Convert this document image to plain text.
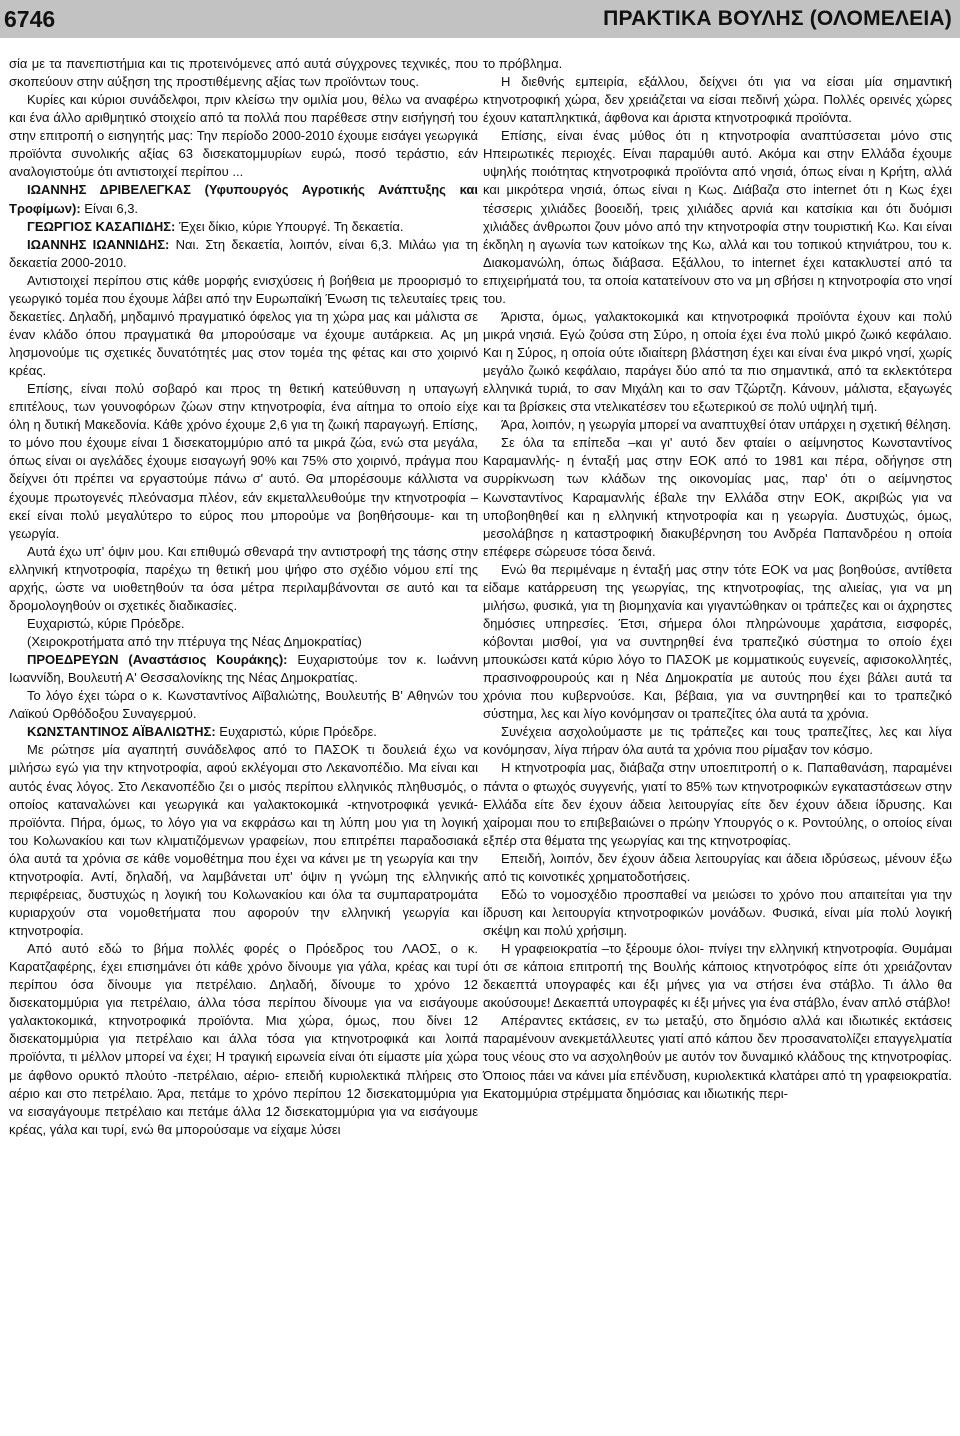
6746	ΠΡΑΚΤΙΚΑ ΒΟΥΛΗΣ (ΟΛΟΜΕΛΕΙΑ)

σία με τα πανεπιστήμια και τις προτεινόμενες από αυτά σύγχρονες τεχνικές, που σκοπεύουν στην αύξηση της προστιθέμενης αξίας των προϊόντων τους.

Κυρίες και κύριοι συνάδελφοι, πριν κλείσω την ομιλία μου, θέλω να αναφέρω και ένα άλλο αριθμητικό στοιχείο από τα πολλά που παρέθεσε στην εισήγησή του στην επιτροπή ο εισηγητής μας: Την περίοδο 2000-2010 έχουμε εισάγει γεωργικά προϊόντα συνολικής αξίας 63 δισεκατομμυρίων ευρώ, ποσό τεράστιο, εάν αναλογιστούμε ότι αντιστοιχεί περίπου ...

ΙΩΑΝΝΗΣ ΔΡΙΒΕΛΕΓΚΑΣ (Υφυπουργός Αγροτικής Ανάπτυξης και Τροφίμων): Είναι 6,3.

ΓΕΩΡΓΙΟΣ ΚΑΣΑΠΙΔΗΣ: Έχει δίκιο, κύριε Υπουργέ. Τη δεκαετία.

ΙΩΑΝΝΗΣ ΙΩΑΝΝΙΔΗΣ: Ναι. Στη δεκαετία, λοιπόν, είναι 6,3. Μιλάω για τη δεκαετία 2000-2010.

Αντιστοιχεί περίπου στις κάθε μορφής ενισχύσεις ή βοήθεια με προορισμό το γεωργικό τομέα που έχουμε λάβει από την Ευρωπαϊκή Ένωση τις τελευταίες τρεις δεκαετίες. Δηλαδή, μηδαμινό πραγματικό όφελος για τη χώρα μας και μάλιστα σε έναν κλάδο όπου πραγματικά θα μπορούσαμε να έχουμε αυτάρκεια. Ας μη λησμονούμε τις σχετικές δυνατότητές μας στον τομέα της φέτας και στο χοιρινό κρέας.

Επίσης, είναι πολύ σοβαρό και προς τη θετική κατεύθυνση η υπαγωγή επιτέλους, των γουνοφόρων ζώων στην κτηνοτροφία, ένα αίτημα το οποίο είχε όλη η δυτική Μακεδονία. Κάθε χρόνο έχουμε 2,6 για τη ζωική παραγωγή. Επίσης, το μόνο που έχουμε είναι 1 δισεκατομμύριο από τα μικρά ζώα, ενώ στα μεγάλα, όπως είναι οι αγελάδες έχουμε εισαγωγή 90% και 75% στο χοιρινό, πράγμα που δείχνει ότι πρέπει να εργαστούμε πάνω σ' αυτό. Θα μπορέσουμε κάλλιστα να έχουμε πρωτογενές πλεόνασμα πλέον, εάν εκμεταλλευθούμε την κτηνοτροφία –εκεί είναι πολύ μεγαλύτερο το εύρος που μπορούμε να βοηθήσουμε- και τη γεωργία.

Αυτά έχω υπ' όψιν μου. Και επιθυμώ σθεναρά την αντιστροφή της τάσης στην ελληνική κτηνοτροφία, παρέχω τη θετική μου ψήφο στο σχέδιο νόμου επί της αρχής, ώστε να υιοθετηθούν τα όσα μέτρα περιλαμβάνονται σε αυτό και τα δρομολογηθούν οι σχετικές διαδικασίες.

Ευχαριστώ, κύριε Πρόεδρε.

(Χειροκροτήματα από την πτέρυγα της Νέας Δημοκρατίας)

ΠΡΟΕΔΡΕΥΩΝ (Αναστάσιος Κουράκης): Ευχαριστούμε τον κ. Ιωάννη Ιωαννίδη, Βουλευτή Α' Θεσσαλονίκης της Νέας Δημοκρατίας.

Το λόγο έχει τώρα ο κ. Κωνσταντίνος Αϊβαλιώτης, Βουλευτής Β' Αθηνών του Λαϊκού Ορθόδοξου Συναγερμού.

ΚΩΝΣΤΑΝΤΙΝΟΣ ΑΪΒΑΛΙΩΤΗΣ: Ευχαριστώ, κύριε Πρόεδρε.

Με ρώτησε μία αγαπητή συνάδελφος από το ΠΑΣΟΚ τι δουλειά έχω να μιλήσω εγώ για την κτηνοτροφία, αφού εκλέγομαι στο Λεκανοπέδιο. Μα είναι και αυτός ένας λόγος. Στο Λεκανοπέδιο ζει ο μισός περίπου ελληνικός πληθυσμός, ο οποίος καταναλώνει και γεωργικά και γαλακτοκομικά -κτηνοτροφικά γενικά- προϊόντα. Πήρα, όμως, το λόγο για να εκφράσω και τη λύπη μου για τη λογική του Κολωνακίου και των κλιματιζόμενων γραφείων, που επιτρέπει παραδοσιακά όλα αυτά τα χρόνια σε κάθε νομοθέτημα που έχει να κάνει με τη γεωργία και την κτηνοτροφία. Αντί, δηλαδή, να λαμβάνεται υπ' όψιν η γνώμη της ελληνικής περιφέρειας, δυστυχώς η λογική του Κολωνακίου και όλα τα συμπαρατρομάτα κυριαρχούν στα νομοθετήματα που αφορούν την ελληνική γεωργία και κτηνοτροφία.

Από αυτό εδώ το βήμα πολλές φορές ο Πρόεδρος του ΛΑΟΣ, ο κ. Καρατζαφέρης, έχει επισημάνει ότι κάθε χρόνο δίνουμε για γάλα, κρέας και τυρί περίπου όσα δίνουμε για πετρέλαιο. Δηλαδή, δίνουμε το χρόνο 12 δισεκατομμύρια για πετρέλαιο, άλλα τόσα περίπου δίνουμε για να εισάγουμε γαλακτοκομικά, κτηνοτροφικά προϊόντα. Μια χώρα, όμως, που δίνει 12 δισεκατομμύρια για πετρέλαιο και άλλα τόσα για κτηνοτροφικά και λοιπά προϊόντα, τι μέλλον μπορεί να έχει; Η τραγική ειρωνεία είναι ότι είμαστε μία χώρα με άφθονο ορυκτό πλούτο -πετρέλαιο, αέριο- επειδή κυριολεκτικά πλήρεις στο αέριο και στο πετρέλαιο. Άρα, πετάμε το χρόνο περίπου 12 δισεκατομμύρια για να εισαγάγουμε πετρέλαιο και πετάμε άλλα 12 δισεκατομμύρια για να εισάγουμε κρέας, γάλα και τυρί, ενώ θα μπορούσαμε να είχαμε λύσει

το πρόβλημα.

Η διεθνής εμπειρία, εξάλλου, δείχνει ότι για να είσαι μία σημαντική κτηνοτροφική χώρα, δεν χρειάζεται να είσαι πεδινή χώρα. Πολλές ορεινές χώρες έχουν καταπληκτικά, άφθονα και άριστα κτηνοτροφικά προϊόντα.

Επίσης, είναι ένας μύθος ότι η κτηνοτροφία αναπτύσσεται μόνο στις Ηπειρωτικές περιοχές. Είναι παραμύθι αυτό. Ακόμα και στην Ελλάδα έχουμε υψηλής ποιότητας κτηνοτροφικά προϊόντα από νησιά, όπως είναι η Κρήτη, αλλά και μικρότερα νησιά, όπως είναι η Κως. Διάβαζα στο internet ότι η Κως έχει τέσσερις χιλιάδες βοοειδή, τρεις χιλιάδες αρνιά και κατσίκια και ότι δυόμισι χιλιάδες άνθρωποι ζουν μόνο από την κτηνοτροφία στην τουριστική Κω. Και είναι έκδηλη η αγωνία των κατοίκων της Κω, αλλά και του τοπικού κτηνιάτρου, του κ. Διακομανώλη, όπως διάβασα. Εξάλλου, το internet έχει κατακλυστεί από τα επιχειρήματά του, τα οποία κατατείνουν στο να μη σβήσει η κτηνοτροφία στο νησί του.

Άριστα, όμως, γαλακτοκομικά και κτηνοτροφικά προϊόντα έχουν και πολύ μικρά νησιά. Εγώ ζούσα στη Σύρο, η οποία έχει ένα πολύ μικρό ζωικό κεφάλαιο. Και η Σύρος, η οποία ούτε ιδιαίτερη βλάστηση έχει και είναι ένα μικρό νησί, χωρίς μεγάλο ζωικό κεφάλαιο, παράγει δύο από τα πιο σημαντικά, από τα εκλεκτότερα ελληνικά τυριά, το σαν Μιχάλη και το σαν Τζώρτζη. Κάνουν, μάλιστα, εξαγωγές και τα βρίσκεις στα ντελικατέσεν του εξωτερικού σε πολύ υψηλή τιμή.

Άρα, λοιπόν, η γεωργία μπορεί να αναπτυχθεί όταν υπάρχει η σχετική θέληση.

Σε όλα τα επίπεδα –και γι' αυτό δεν φταίει ο αείμνηστος Κωνσταντίνος Καραμανλής- η ένταξή μας στην ΕΟΚ από το 1981 και πέρα, οδήγησε στη συρρίκνωση των κλάδων της οικονομίας μας, παρ' ότι ο αείμνηστος Κωνσταντίνος Καραμανλής έβαλε την Ελλάδα στην ΕΟΚ, ακριβώς για να υποβοηθηθεί και η ελληνική κτηνοτροφία και η γεωργία. Δυστυχώς, όμως, μεσολάβησε η καταστροφική διακυβέρνηση του Ανδρέα Παπανδρέου η οποία επέφερε σώρευσε τόσα δεινά.

Ενώ θα περιμέναμε η ένταξή μας στην τότε ΕΟΚ να μας βοηθούσε, αντίθετα είδαμε κατάρρευση της γεωργίας, της κτηνοτροφίας, της αλιείας, για να μη μιλήσω, φυσικά, για τη βιομηχανία και γιγαντώθηκαν οι τράπεζες και οι άχρηστες δημόσιες υπηρεσίες. Έτσι, σήμερα όλοι πληρώνουμε χαράτσια, εισφορές, κόβονται μισθοί, για να συντηρηθεί ένα τραπεζικό σύστημα το οποίο έχει μπουκώσει κατά κύριο λόγο το ΠΑΣΟΚ με κομματικούς ευγενείς, αφισοκολλητές, πρασινοφρουρούς και η Νέα Δημοκρατία με αυτούς που έχει βάλει αυτά τα χρόνια που κυβερνούσε. Και, βέβαια, για να συντηρηθεί και το τραπεζικό σύστημα, λες και λίγο κονόμησαν οι τραπεζίτες όλα αυτά τα χρόνια.

Συνέχεια ασχολούμαστε με τις τράπεζες και τους τραπεζίτες, λες και λίγα κονόμησαν, λίγα πήραν όλα αυτά τα χρόνια που ρίμαξαν τον κόσμο.

Η κτηνοτροφία μας, διάβαζα στην υποεπιτροπή ο κ. Παπαθανάση, παραμένει πάντα ο φτωχός συγγενής, γιατί το 85% των κτηνοτροφικών εγκαταστάσεων στην Ελλάδα είτε δεν έχουν άδεια λειτουργίας είτε δεν έχουν άδεια ίδρυσης. Και χαίρομαι που το επιβεβαιώνει ο πρώην Υπουργός ο κ. Ροντούλης, ο οποίος είναι εξπέρ στα θέματα της γεωργίας και της κτηνοτροφίας.

Επειδή, λοιπόν, δεν έχουν άδεια λειτουργίας και άδεια ιδρύσεως, μένουν έξω από τις κοινοτικές χρηματοδοτήσεις.

Εδώ το νομοσχέδιο προσπαθεί να μειώσει το χρόνο που απαιτείται για την ίδρυση και λειτουργία κτηνοτροφικών μονάδων. Φυσικά, είναι μία πολύ λογική σκέψη και πολύ χρήσιμη.

Η γραφειοκρατία –το ξέρουμε όλοι- πνίγει την ελληνική κτηνοτροφία. Θυμάμαι ότι σε κάποια επιτροπή της Βουλής κάποιος κτηνοτρόφος είπε ότι χρειάζονταν δεκαεπτά υπογραφές και έξι μήνες για να στήσει ένα στάβλο. Τι άλλο θα ακούσουμε! Δεκαεπτά υπογραφές κι έξι μήνες για ένα στάβλο, έναν απλό στάβλο!

Απέραντες εκτάσεις, εν τω μεταξύ, στο δημόσιο αλλά και ιδιωτικές εκτάσεις παραμένουν ανεκμετάλλευτες γιατί από κάπου δεν προσανατολίζει επαγγελματία τους νέους στο να ασχοληθούν με αυτόν τον δυναμικό κλάδους της κτηνοτροφίας. Όποιος πάει να κάνει μία επένδυση, κυριολεκτικά κλατάρει από τη γραφειοκρατία. Εκατομμύρια στρέμματα δημόσιας και ιδιωτικής περι-
